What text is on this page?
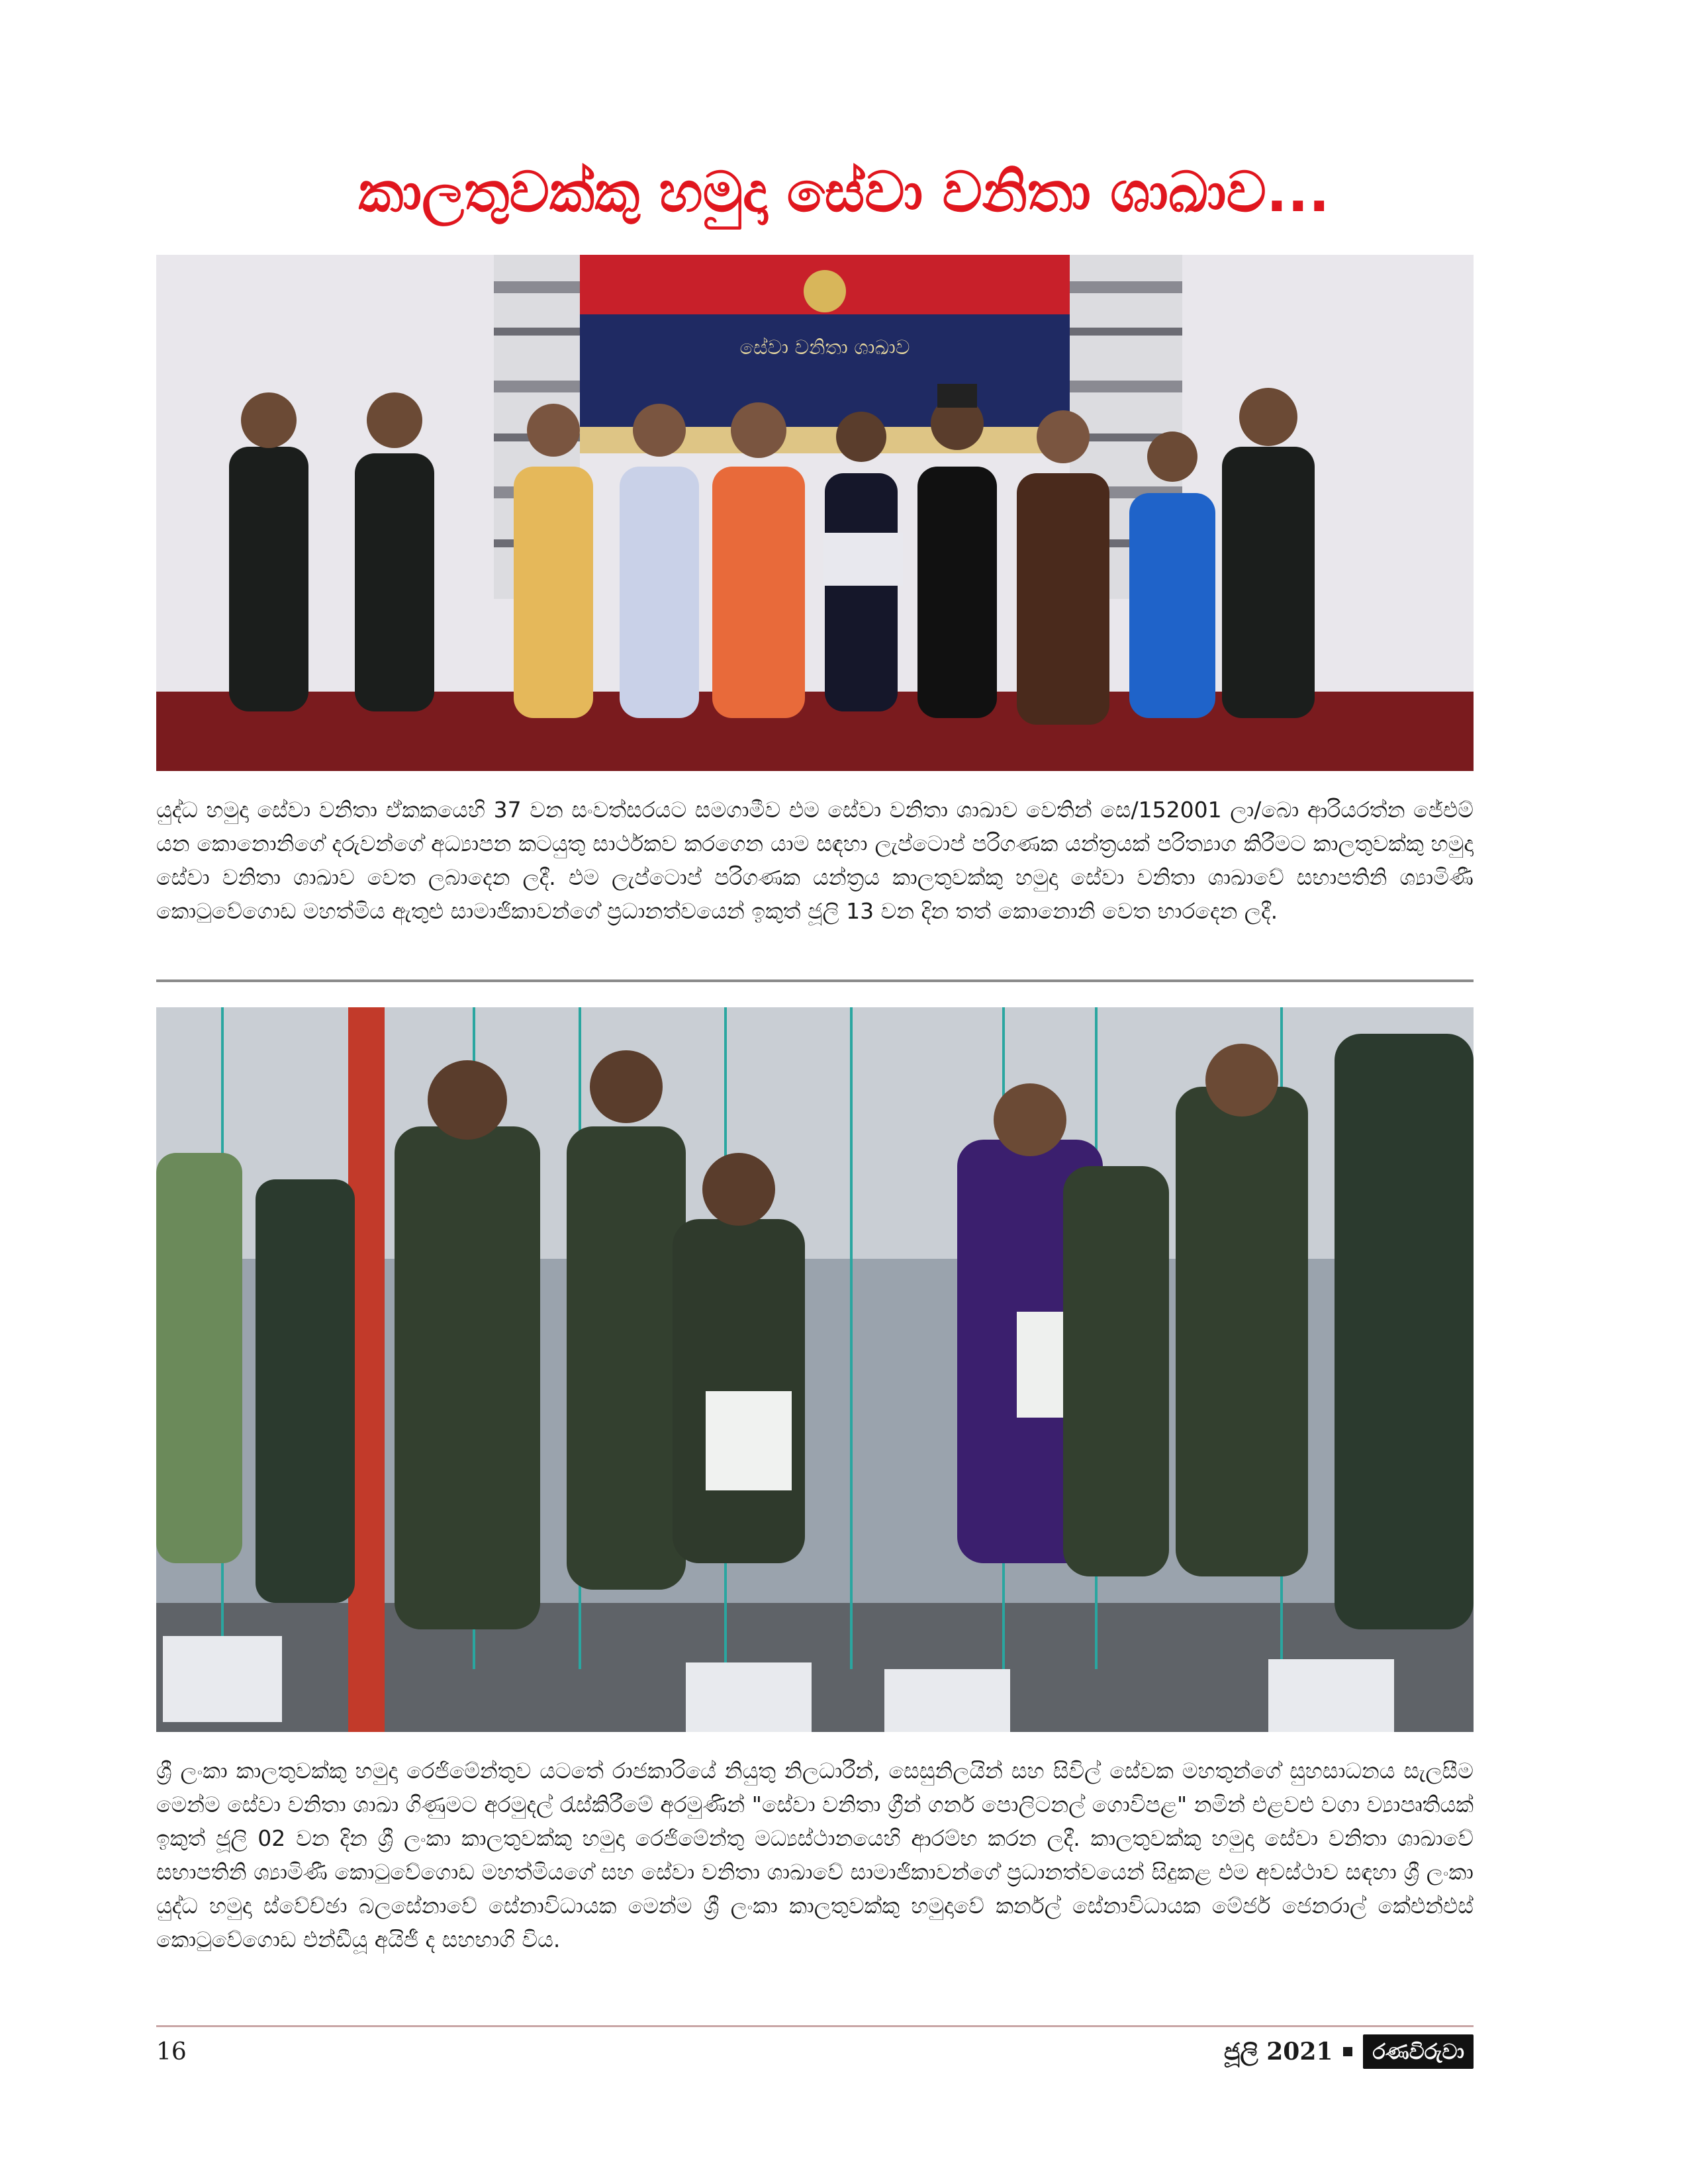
කාලතුවක්කු හමුදා සේවා වනිතා ශාඛාව...
සේවා වනිතා ශාඛාව

යුද්ධ හමුදා සේවා වනිතා ඒකකයෙහි 37 වන සංවත්සරයට සමගාමීව එම සේවා වනිතා ශාඛාව වෙතින් සෙ/152001 ලා/බො ආරියරත්න ජේඑම් යන කොනොනිගේ දරුවන්ගේ අධ්‍යාපන කටයුතු සාර්ථකව කරගෙන යාම සඳහා ලැප්ටොප් පරිගණක යන්ත්‍රයක් පරිත්‍යාග කිරීමට කාලතුවක්කු හමුදා සේවා වනිතා ශාඛාව වෙත ලබාදෙන ලදී. එම ලැප්ටොප් පරිගණක යන්ත්‍රය කාලතුවක්කු හමුදා සේවා වනිතා ශාඛාවේ සභාපතිනි ශ්‍යාමිණී කොටුවේගොඩ මහත්මිය ඇතුළු සාමාජිකාවන්ගේ ප්‍රධානත්වයෙන් ඉකුත් ජූලි 13 වන දින තත් කොනොනි වෙත භාරදෙන ලදී.

ශ්‍රී ලංකා කාලතුවක්කු හමුදා රෙජිමේන්තුව යටතේ රාජකාරියේ නියුතු නිලධාරීන්, සෙසුනිලයින් සහ සිවිල් සේවක මහතුන්ගේ සුහසාධනය සැලසීම මෙන්ම සේවා වනිතා ශාඛා ගිණුමට අරමුදල් රැස්කිරීමේ අරමුණින් "සේවා වනිතා ග්‍රීන් ගනර් පොලිටනල් ගොවිපළ" නමින් එළවළු වගා ව්‍යාපෘතියක් ඉකුත් ජූලි 02 වන දින ශ්‍රී ලංකා කාලතුවක්කු හමුදා රෙජිමේන්තු මධ්‍යස්ථානයෙහි ආරම්භ කරන ලදී. කාලතුවක්කු හමුදා සේවා වනිතා ශාඛාවේ සභාපතිනි ශ්‍යාමිණී කොටුවේගොඩ මහත්මියගේ සහ සේවා වනිතා ශාඛාවේ සාමාජිකාවන්ගේ ප්‍රධානත්වයෙන් සිදුකළ එම අවස්ථාව සඳහා ශ්‍රී ලංකා යුද්ධ හමුදා ස්වේච්ඡා බලසේනාවේ සේනාවිධායක මෙන්ම ශ්‍රී ලංකා කාලතුවක්කු හමුදාවේ කර්නල් සේනාවිධායක මේජර් ජෙනරාල් කේඑන්එස් කොටුවේගොඩ එන්ඩීයූ අයිජී ද සහභාගි විය.

16	ජූලි 2021	රණවිරුවා
